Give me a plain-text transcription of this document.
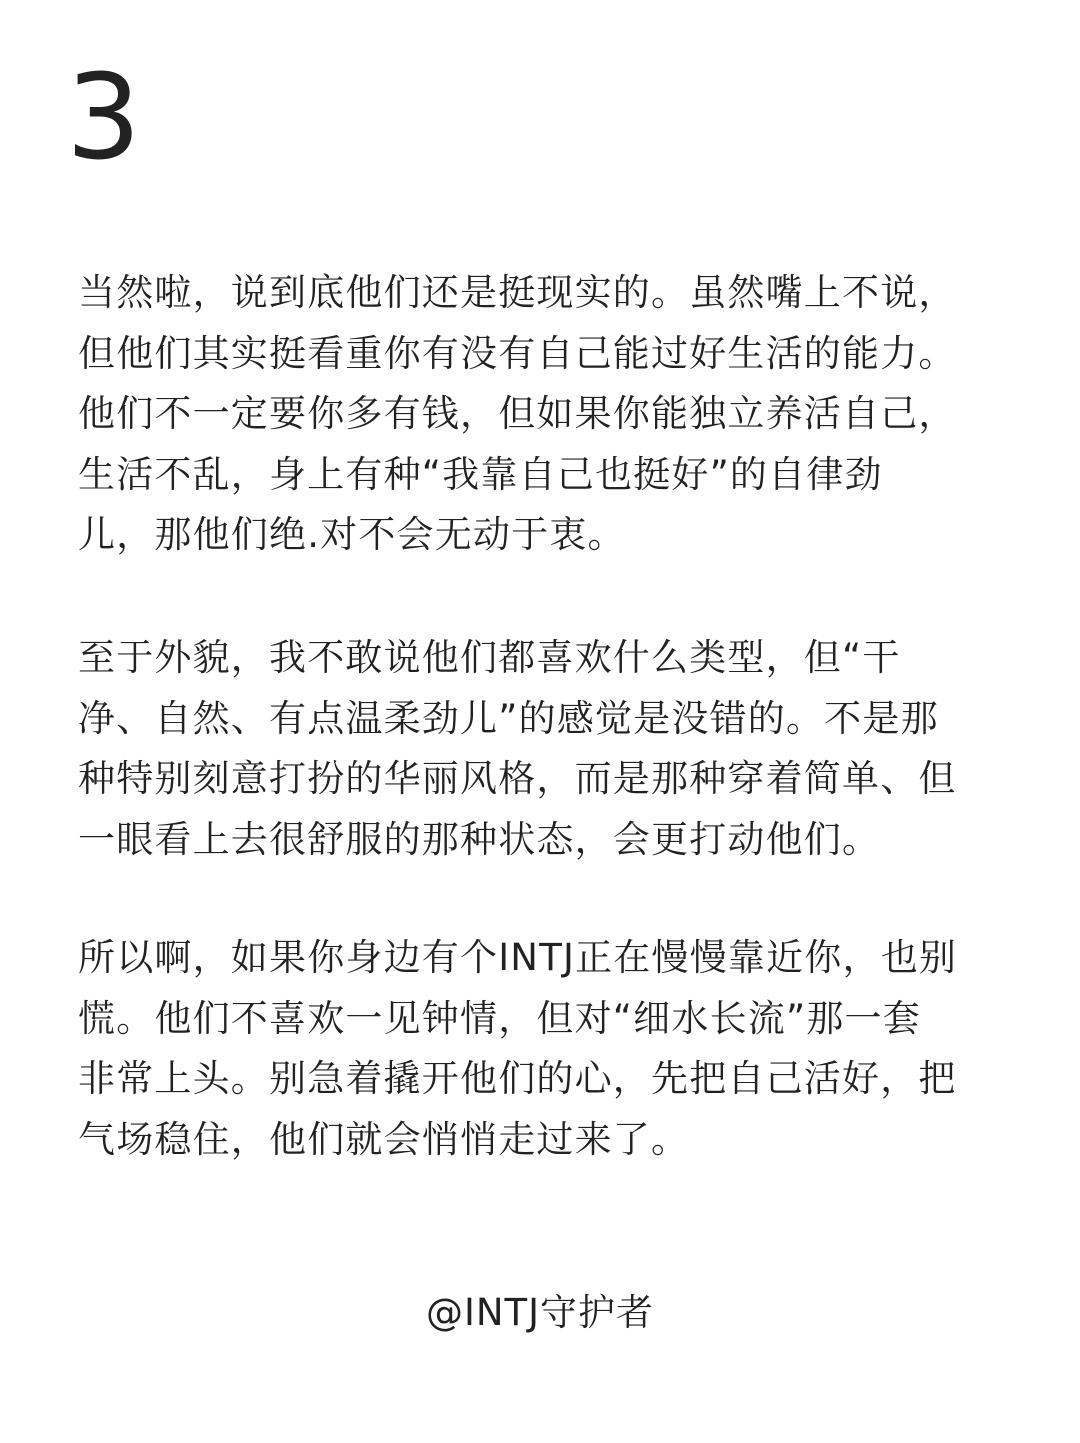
3
当然啦，说到底他们还是挺现实的。虽然嘴上不说，
但他们其实挺看重你有没有自己能过好生活的能力。
他们不一定要你多有钱，但如果你能独立养活自己，
生活不乱，身上有种“我靠自己也挺好”的自律劲
儿，那他们绝.对不会无动于衷。
至于外貌，我不敢说他们都喜欢什么类型，但“干
净、自然、有点温柔劲儿”的感觉是没错的。不是那
种特别刻意打扮的华丽风格，而是那种穿着简单、但
一眼看上去很舒服的那种状态，会更打动他们。
所以啊，如果你身边有个INTJ正在慢慢靠近你，也别
慌。他们不喜欢一见钟情，但对“细水长流”那一套
非常上头。别急着撬开他们的心，先把自己活好，把
气场稳住，他们就会悄悄走过来了。
@INTJ守护者
